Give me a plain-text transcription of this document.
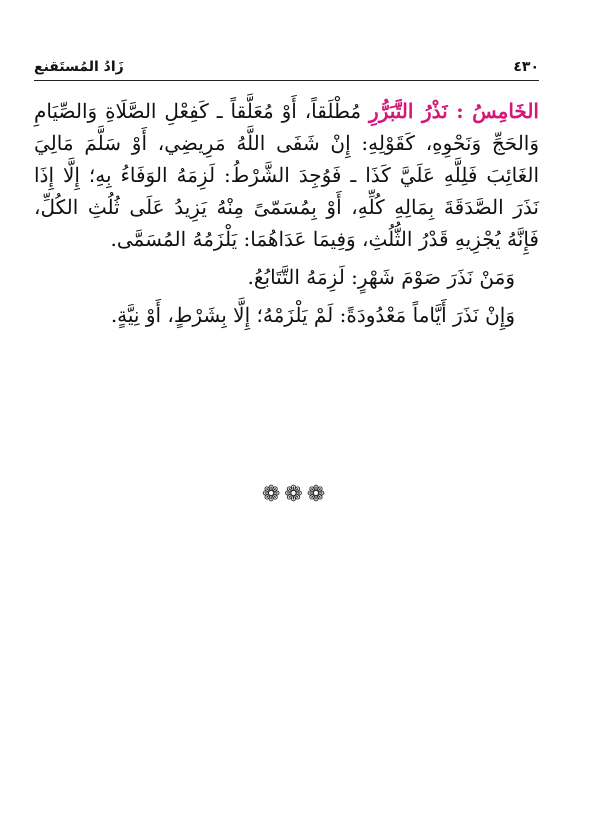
٤٣٠
زَادُ المُستَقنع

الخَامِسُ : نَذْرُ التَّبَرُّرِ مُطْلَقاً، أَوْ مُعَلَّقاً ـ كَفِعْلِ الصَّلَاةِ وَالصِّيَامِ وَالحَجِّ وَنَحْوِهِ، كَقَوْلِهِ: إِنْ شَفَى اللَّهُ مَرِيضِي، أَوْ سَلَّمَ مَالِيَ الغَائِبَ فَلِلَّهِ عَلَيَّ كَذَا ـ فَوُجِدَ الشَّرْطُ: لَزِمَهُ الوَفَاءُ بِهِ؛ إِلَّا إِذَا نَذَرَ الصَّدَقَةَ بِمَالِهِ كُلِّهِ، أَوْ بِمُسَمّىً مِنْهُ يَزِيدُ عَلَى ثُلُثِ الكُلِّ، فَإِنَّهُ يُجْزِيهِ قَدْرُ الثُّلُثِ، وَفِيمَا عَدَاهُمَا: يَلْزَمُهُ المُسَمَّى.

وَمَنْ نَذَرَ صَوْمَ شَهْرٍ: لَزِمَهُ التَّتَابُعُ.

وَإِنْ نَذَرَ أَيَّاماً مَعْدُودَةً: لَمْ يَلْزَمْهُ؛ إِلَّا بِشَرْطٍ، أَوْ نِيَّةٍ.

❁❁❁
